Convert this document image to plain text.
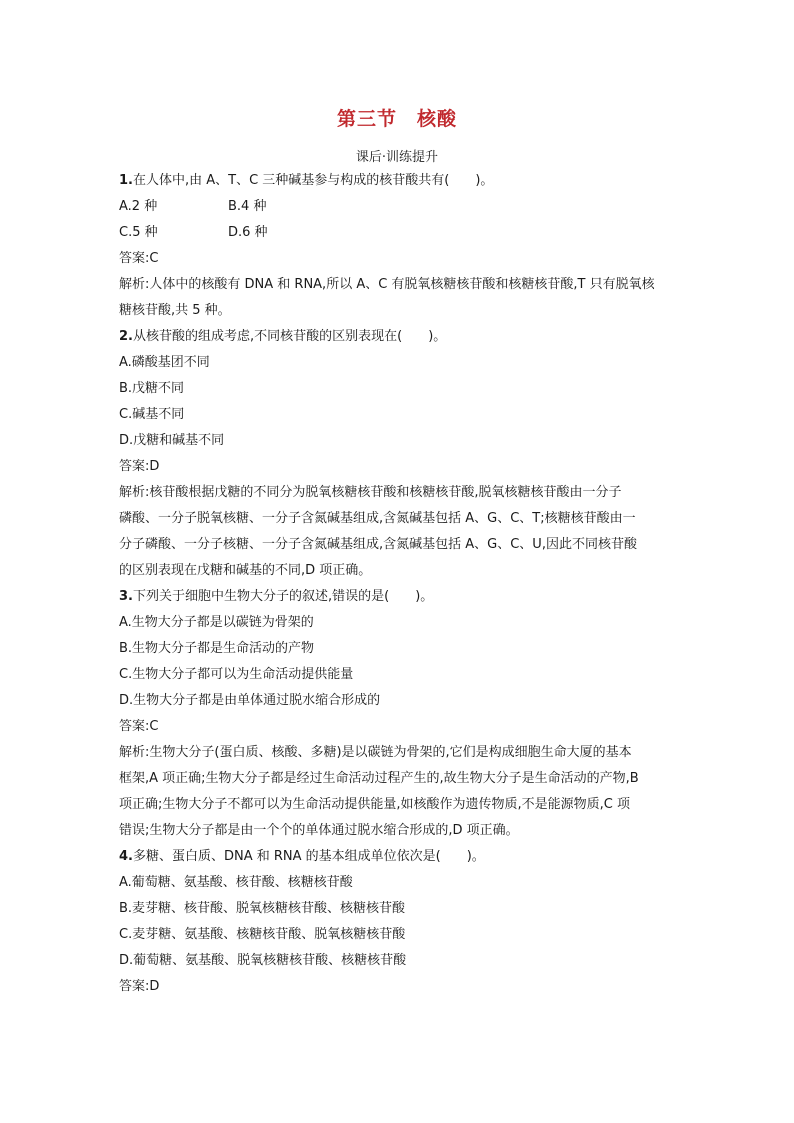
第三节　核酸
课后·训练提升
1.在人体中,由 A、T、C 三种碱基参与构成的核苷酸共有(　　)。
A.2 种	B.4 种
C.5 种	D.6 种
答案:C
解析:人体中的核酸有 DNA 和 RNA,所以 A、C 有脱氧核糖核苷酸和核糖核苷酸,T 只有脱氧核
糖核苷酸,共 5 种。
2.从核苷酸的组成考虑,不同核苷酸的区别表现在(　　)。
A.磷酸基团不同
B.戊糖不同
C.碱基不同
D.戊糖和碱基不同
答案:D
解析:核苷酸根据戊糖的不同分为脱氧核糖核苷酸和核糖核苷酸,脱氧核糖核苷酸由一分子
磷酸、一分子脱氧核糖、一分子含氮碱基组成,含氮碱基包括 A、G、C、T;核糖核苷酸由一
分子磷酸、一分子核糖、一分子含氮碱基组成,含氮碱基包括 A、G、C、U,因此不同核苷酸
的区别表现在戊糖和碱基的不同,D 项正确。
3.下列关于细胞中生物大分子的叙述,错误的是(　　)。
A.生物大分子都是以碳链为骨架的
B.生物大分子都是生命活动的产物
C.生物大分子都可以为生命活动提供能量
D.生物大分子都是由单体通过脱水缩合形成的
答案:C
解析:生物大分子(蛋白质、核酸、多糖)是以碳链为骨架的,它们是构成细胞生命大厦的基本
框架,A 项正确;生物大分子都是经过生命活动过程产生的,故生物大分子是生命活动的产物,B
项正确;生物大分子不都可以为生命活动提供能量,如核酸作为遗传物质,不是能源物质,C 项
错误;生物大分子都是由一个个的单体通过脱水缩合形成的,D 项正确。
4.多糖、蛋白质、DNA 和 RNA 的基本组成单位依次是(　　)。
A.葡萄糖、氨基酸、核苷酸、核糖核苷酸
B.麦芽糖、核苷酸、脱氧核糖核苷酸、核糖核苷酸
C.麦芽糖、氨基酸、核糖核苷酸、脱氧核糖核苷酸
D.葡萄糖、氨基酸、脱氧核糖核苷酸、核糖核苷酸
答案:D
